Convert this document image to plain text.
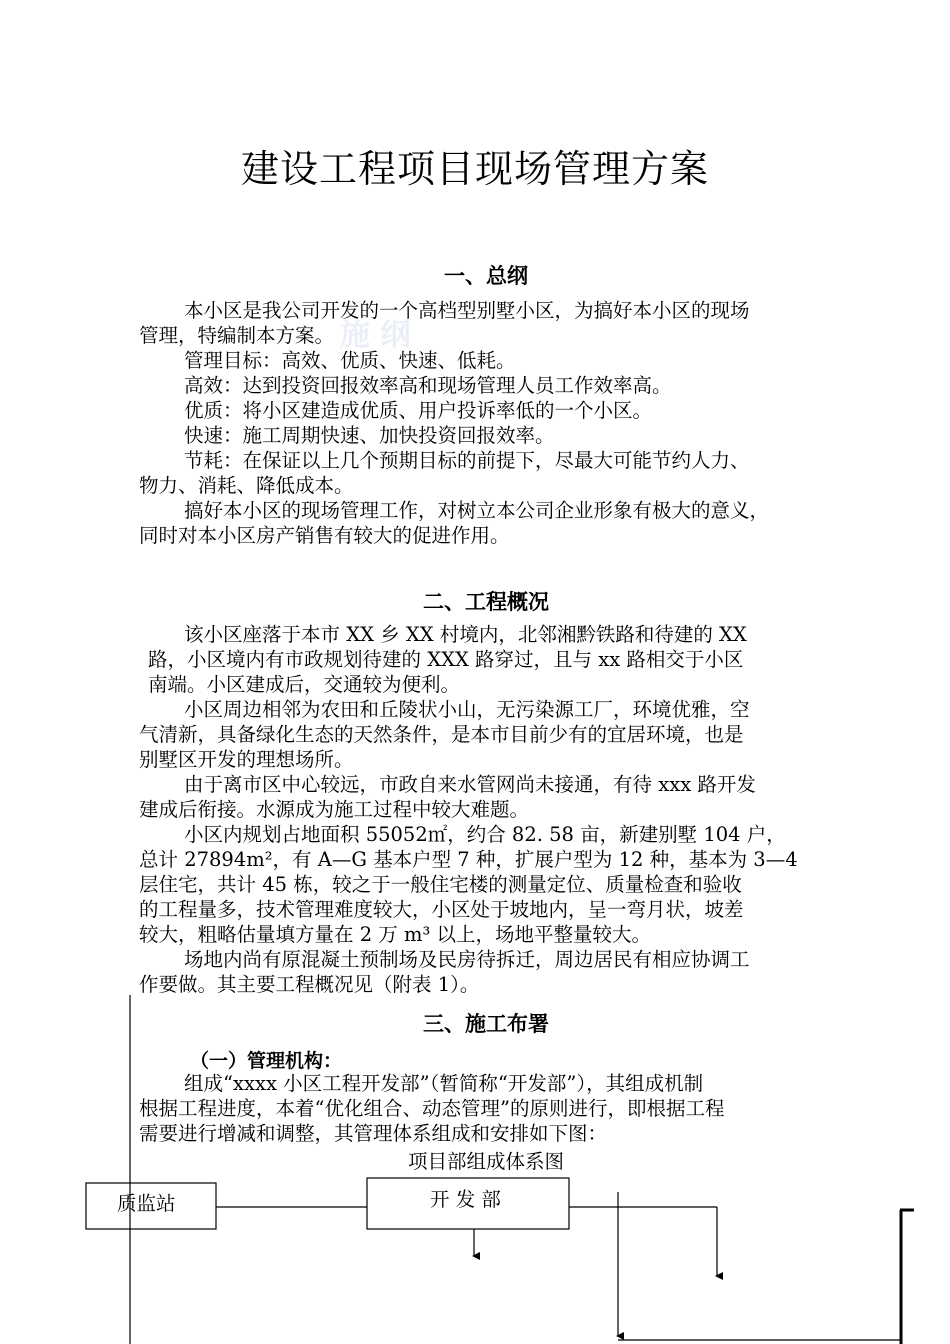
施 纲
建设工程项目现场管理方案
一、总纲
本小区是我公司开发的一个高档型别墅小区，为搞好本小区的现场
管理，特编制本方案。
管理目标：高效、优质、快速、低耗。
高效：达到投资回报效率高和现场管理人员工作效率高。
优质：将小区建造成优质、用户投诉率低的一个小区。
快速：施工周期快速、加快投资回报效率。
节耗：在保证以上几个预期目标的前提下，尽最大可能节约人力、
物力、消耗、降低成本。
搞好本小区的现场管理工作，对树立本公司企业形象有极大的意义，
同时对本小区房产销售有较大的促进作用。
二、工程概况
该小区座落于本市 XX 乡 XX 村境内，北邻湘黔铁路和待建的 XX
路，小区境内有市政规划待建的 XXX 路穿过，且与 xx 路相交于小区
南端。小区建成后，交通较为便利。
小区周边相邻为农田和丘陵状小山，无污染源工厂，环境优雅，空
气清新，具备绿化生态的天然条件，是本市目前少有的宜居环境，也是
别墅区开发的理想场所。
由于离市区中心较远，市政自来水管网尚未接通，有待 xxx 路开发
建成后衔接。水源成为施工过程中较大难题。
小区内规划占地面积 55052㎡，约合 82. 58 亩，新建别墅 104 户，
总计 27894m²，有 A—G 基本户型 7 种，扩展户型为 12 种，基本为 3—4
层住宅，共计 45 栋，较之于一般住宅楼的测量定位、质量检查和验收
的工程量多，技术管理难度较大，小区处于坡地内，呈一弯月状，坡差
较大，粗略估量填方量在 2 万 m³ 以上，场地平整量较大。
场地内尚有原混凝土预制场及民房待拆迁，周边居民有相应协调工
作要做。其主要工程概况见（附表 1）。
三、施工布署
（一）管理机构：
组成“xxxx 小区工程开发部”（暂简称“开发部”），其组成机制
根据工程进度，本着“优化组合、动态管理”的原则进行，即根据工程
需要进行增减和调整，其管理体系组成和安排如下图：
项目部组成体系图
质监站	开 发 部
